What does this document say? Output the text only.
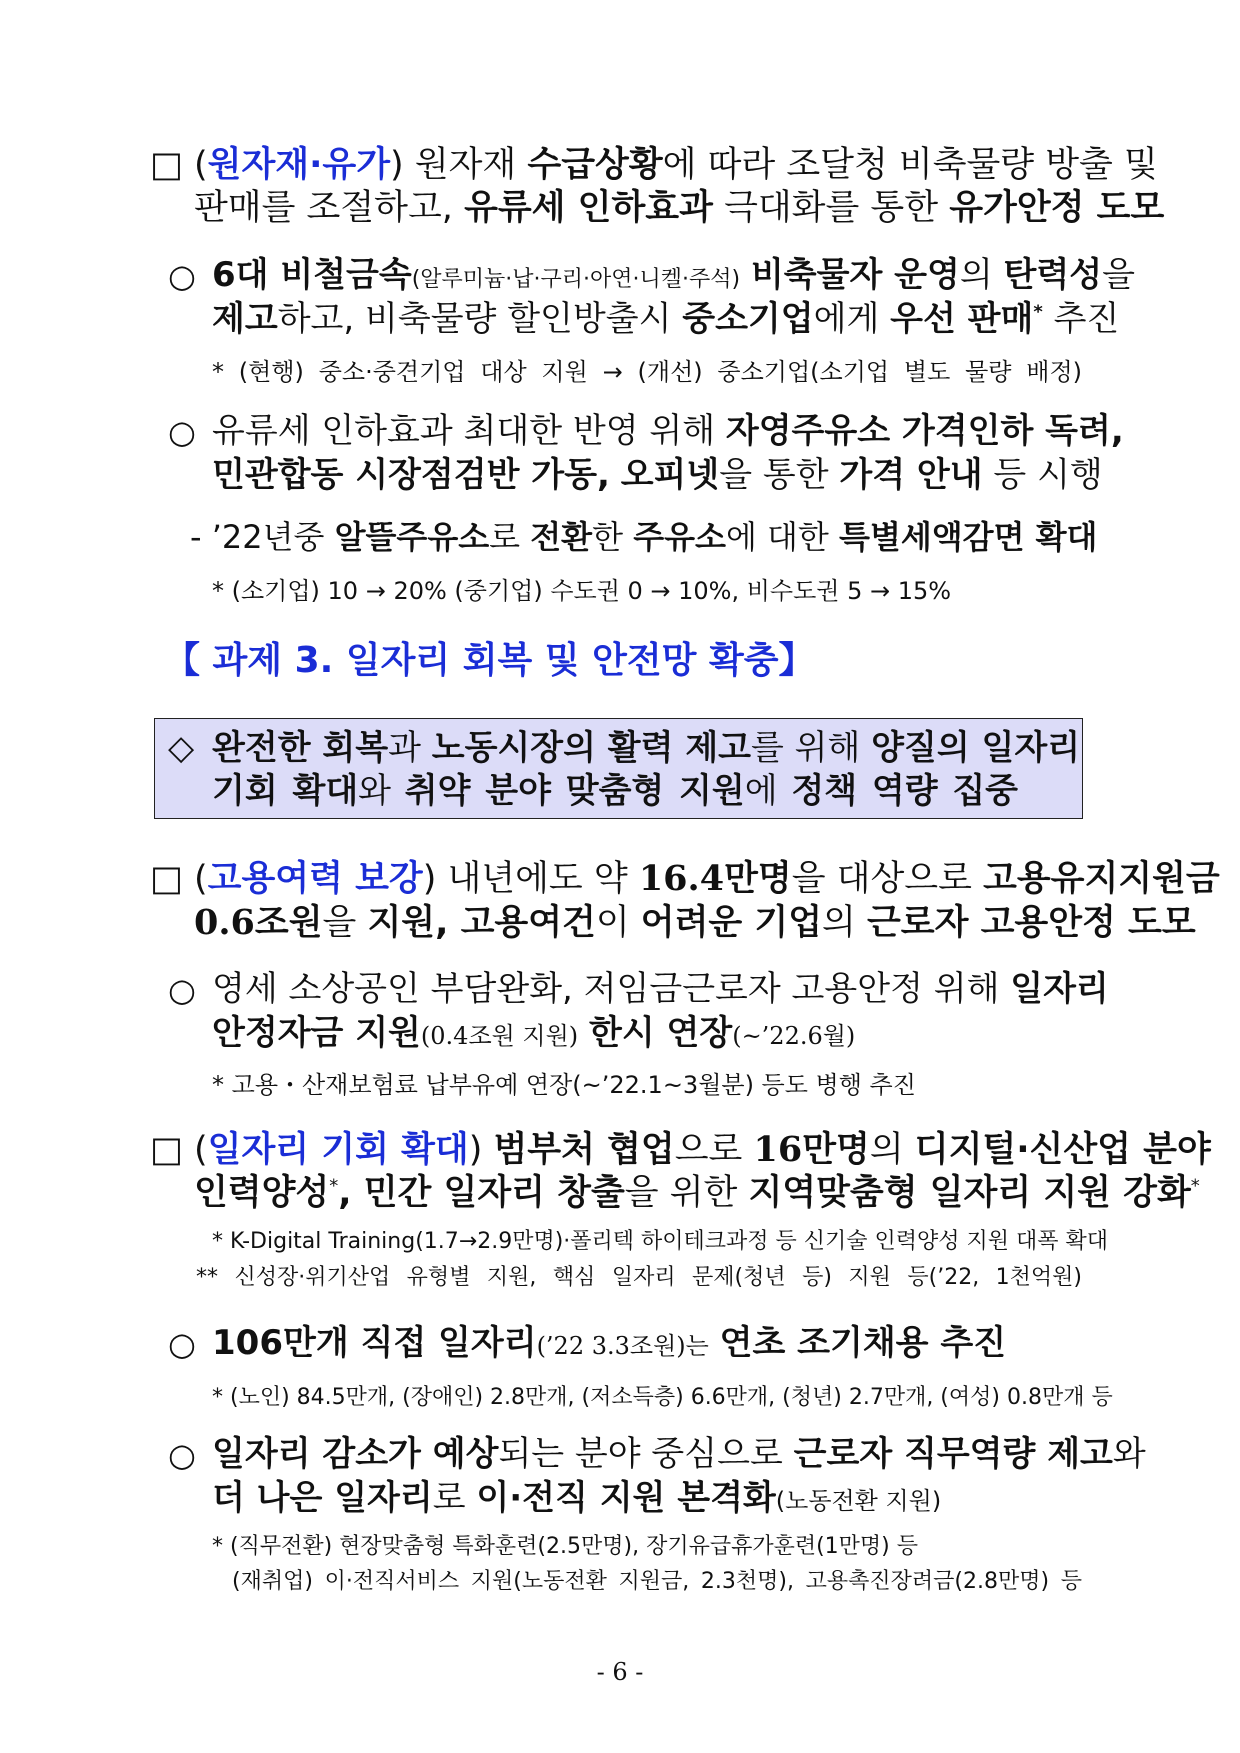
□ (원자재·유가) 원자재 수급상황에 따라 조달청 비축물량 방출 및
판매를 조절하고, 유류세 인하효과 극대화를 통한 유가안정 도모
○ 6대 비철금속(알루미늄·납·구리·아연·니켈·주석) 비축물자 운영의 탄력성을
제고하고, 비축물량 할인방출시 중소기업에게 우선 판매* 추진
* (현행) 중소·중견기업 대상 지원 → (개선) 중소기업(소기업 별도 물량 배정)
○ 유류세 인하효과 최대한 반영 위해 자영주유소 가격인하 독려,
민관합동 시장점검반 가동, 오피넷을 통한 가격 안내 등 시행
- ’22년중 알뜰주유소로 전환한 주유소에 대한 특별세액감면 확대
* (소기업) 10 → 20% (중기업) 수도권 0 → 10%, 비수도권 5 → 15%
【 과제 3. 일자리 회복 및 안전망 확충】
◇ 완전한 회복과 노동시장의 활력 제고를 위해 양질의 일자리
기회 확대와 취약 분야 맞춤형 지원에 정책 역량 집중
□ (고용여력 보강) 내년에도 약 16.4만명을 대상으로 고용유지지원금
0.6조원을 지원, 고용여건이 어려운 기업의 근로자 고용안정 도모
○ 영세 소상공인 부담완화, 저임금근로자 고용안정 위해 일자리
안정자금 지원(0.4조원 지원) 한시 연장(~’22.6월)
* 고용・산재보험료 납부유예 연장(~’22.1~3월분) 등도 병행 추진
□ (일자리 기회 확대) 범부처 협업으로 16만명의 디지털·신산업 분야
인력양성*, 민간 일자리 창출을 위한 지역맞춤형 일자리 지원 강화*
* K-Digital Training(1.7→2.9만명)·폴리텍 하이테크과정 등 신기술 인력양성 지원 대폭 확대
** 신성장·위기산업 유형별 지원, 핵심 일자리 문제(청년 등) 지원 등(’22, 1천억원)
○ 106만개 직접 일자리(’22 3.3조원)는 연초 조기채용 추진
* (노인) 84.5만개, (장애인) 2.8만개, (저소득층) 6.6만개, (청년) 2.7만개, (여성) 0.8만개 등
○ 일자리 감소가 예상되는 분야 중심으로 근로자 직무역량 제고와
더 나은 일자리로 이·전직 지원 본격화(노동전환 지원)
* (직무전환) 현장맞춤형 특화훈련(2.5만명), 장기유급휴가훈련(1만명) 등
(재취업) 이·전직서비스 지원(노동전환 지원금, 2.3천명), 고용촉진장려금(2.8만명) 등
- 6 -
